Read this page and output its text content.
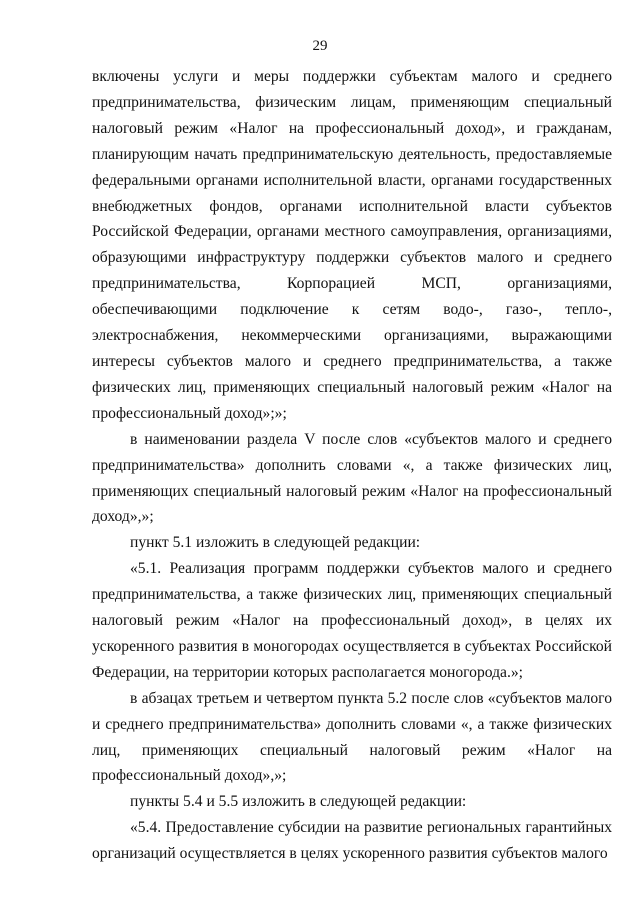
29

включены услуги и меры поддержки субъектам малого и среднего предпринимательства, физическим лицам, применяющим специальный налоговый режим «Налог на профессиональный доход», и гражданам, планирующим начать предпринимательскую деятельность, предоставляемые федеральными органами исполнительной власти, органами государственных внебюджетных фондов, органами исполнительной власти субъектов Российской Федерации, органами местного самоуправления, организациями, образующими инфраструктуру поддержки субъектов малого и среднего предпринимательства, Корпорацией МСП, организациями, обеспечивающими подключение к сетям водо-, газо-, тепло-, электроснабжения, некоммерческими организациями, выражающими интересы субъектов малого и среднего предпринимательства, а также физических лиц, применяющих специальный налоговый режим «Налог на профессиональный доход»;»;

в наименовании раздела V после слов «субъектов малого и среднего предпринимательства» дополнить словами «, а также физических лиц, применяющих специальный налоговый режим «Налог на профессиональный доход»,»;

пункт 5.1 изложить в следующей редакции:

«5.1. Реализация программ поддержки субъектов малого и среднего предпринимательства, а также физических лиц, применяющих специальный налоговый режим «Налог на профессиональный доход», в целях их ускоренного развития в моногородах осуществляется в субъектах Российской Федерации, на территории которых располагается моногорода.»;

в абзацах третьем и четвертом пункта 5.2 после слов «субъектов малого и среднего предпринимательства» дополнить словами «, а также физических лиц, применяющих специальный налоговый режим «Налог на профессиональный доход»,»;

пункты 5.4 и 5.5 изложить в следующей редакции:

«5.4. Предоставление субсидии на развитие региональных гарантийных организаций осуществляется в целях ускоренного развития субъектов малого
